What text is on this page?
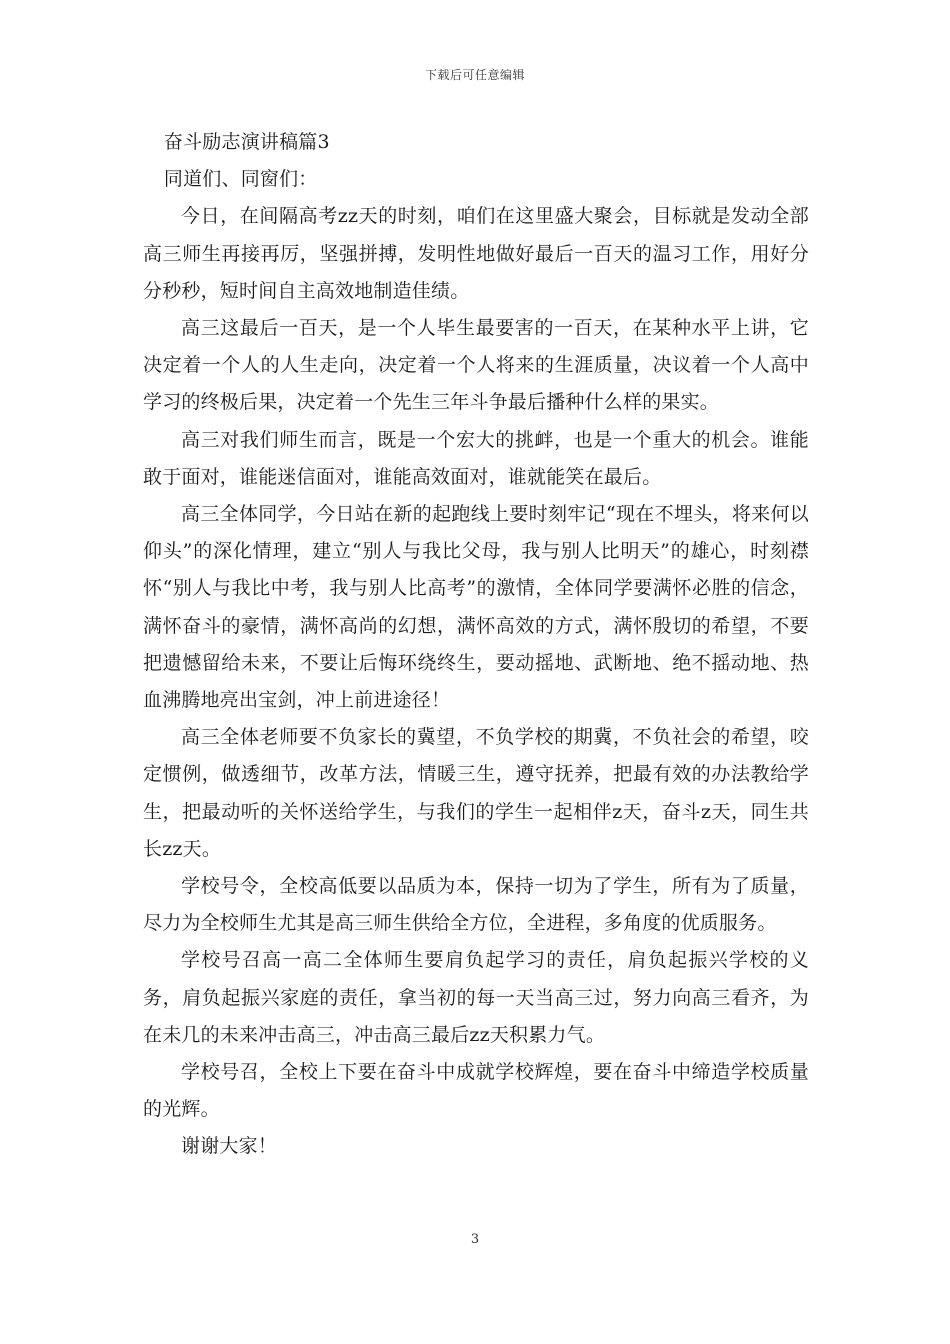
下载后可任意编辑

奋斗励志演讲稿篇3

同道们、同窗们：

今日，在间隔高考zz天的时刻，咱们在这里盛大聚会，目标就是发动全部高三师生再接再厉，坚强拼搏，发明性地做好最后一百天的温习工作，用好分分秒秒，短时间自主高效地制造佳绩。

高三这最后一百天，是一个人毕生最要害的一百天，在某种水平上讲，它决定着一个人的人生走向，决定着一个人将来的生涯质量，决议着一个人高中学习的终极后果，决定着一个先生三年斗争最后播种什么样的果实。

高三对我们师生而言，既是一个宏大的挑衅，也是一个重大的机会。谁能敢于面对，谁能迷信面对，谁能高效面对，谁就能笑在最后。

高三全体同学，今日站在新的起跑线上要时刻牢记“现在不埋头，将来何以仰头”的深化情理，建立“别人与我比父母，我与别人比明天”的雄心，时刻襟怀“别人与我比中考，我与别人比高考”的激情，全体同学要满怀必胜的信念，满怀奋斗的豪情，满怀高尚的幻想，满怀高效的方式，满怀殷切的希望，不要把遗憾留给未来，不要让后悔环绕终生，要动摇地、武断地、绝不摇动地、热血沸腾地亮出宝剑，冲上前进途径！

高三全体老师要不负家长的冀望，不负学校的期冀，不负社会的希望，咬定惯例，做透细节，改革方法，情暖三生，遵守抚养，把最有效的办法教给学生，把最动听的关怀送给学生，与我们的学生一起相伴z天，奋斗z天，同生共长zz天。

学校号令，全校高低要以品质为本，保持一切为了学生，所有为了质量，尽力为全校师生尤其是高三师生供给全方位，全进程，多角度的优质服务。

学校号召高一高二全体师生要肩负起学习的责任，肩负起振兴学校的义务，肩负起振兴家庭的责任，拿当初的每一天当高三过，努力向高三看齐，为在未几的未来冲击高三，冲击高三最后zz天积累力气。

学校号召，全校上下要在奋斗中成就学校辉煌，要在奋斗中缔造学校质量的光辉。

谢谢大家！

3
